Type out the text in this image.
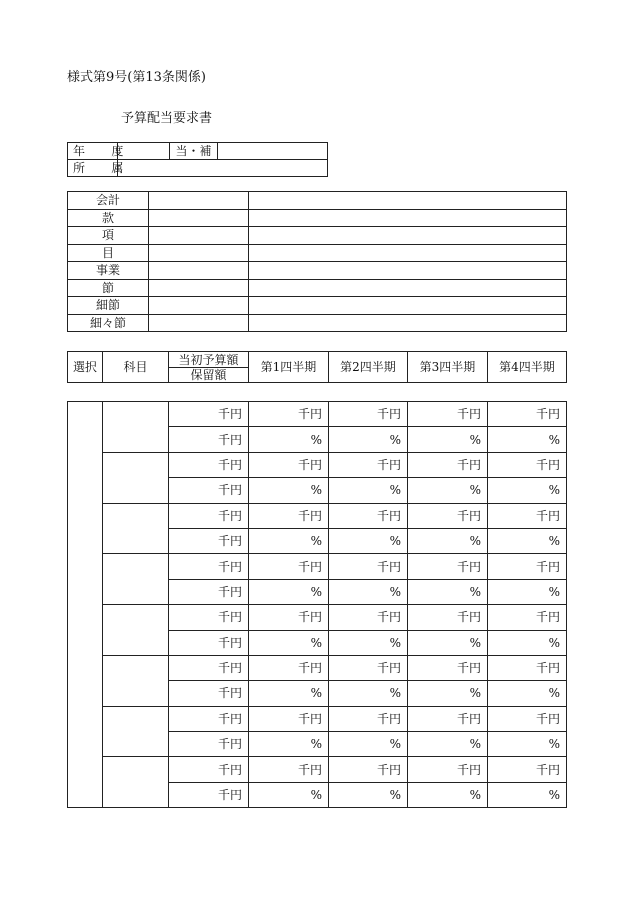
様式第9号(第13条関係)
予算配当要求書
年　度		当・補	
所　属			
会計		
款		
項		
目		
事業		
節		
細節		
細々節		
選択	科目	当初予算額	第1四半期	第2四半期	第3四半期	第4四半期
保留額
		千円	千円	千円	千円	千円
		千円	%	%	%	%
		千円	千円	千円	千円	千円
		千円	%	%	%	%
		千円	千円	千円	千円	千円
		千円	%	%	%	%
		千円	千円	千円	千円	千円
		千円	%	%	%	%
		千円	千円	千円	千円	千円
		千円	%	%	%	%
		千円	千円	千円	千円	千円
		千円	%	%	%	%
		千円	千円	千円	千円	千円
		千円	%	%	%	%
		千円	千円	千円	千円	千円
		千円	%	%	%	%
